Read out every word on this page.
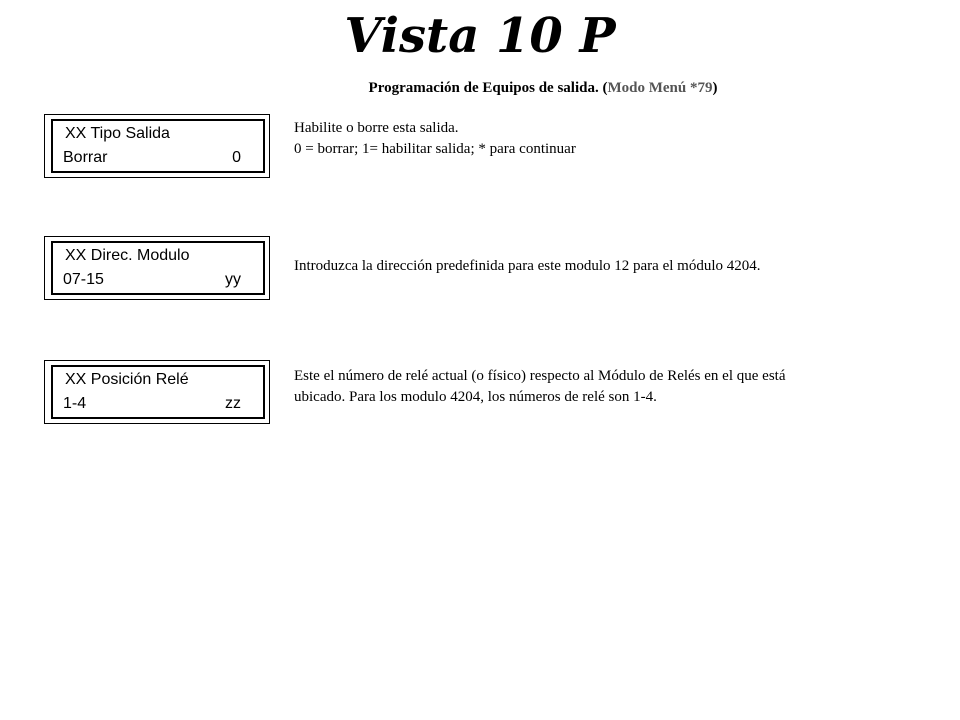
Vista 10 P
Programación de Equipos de salida. (Modo Menú *79)
XX Tipo Salida
Borrar	0
Habilite o borre esta salida.
0 = borrar; 1= habilitar salida; * para continuar
XX Direc. Modulo
07-15	yy
Introduzca la dirección predefinida para este modulo 12 para el módulo 4204.
XX Posición Relé
1-4	zz
Este el número de relé actual (o físico) respecto al Módulo de Relés en el que está
ubicado. Para los modulo 4204, los números de relé son 1-4.
